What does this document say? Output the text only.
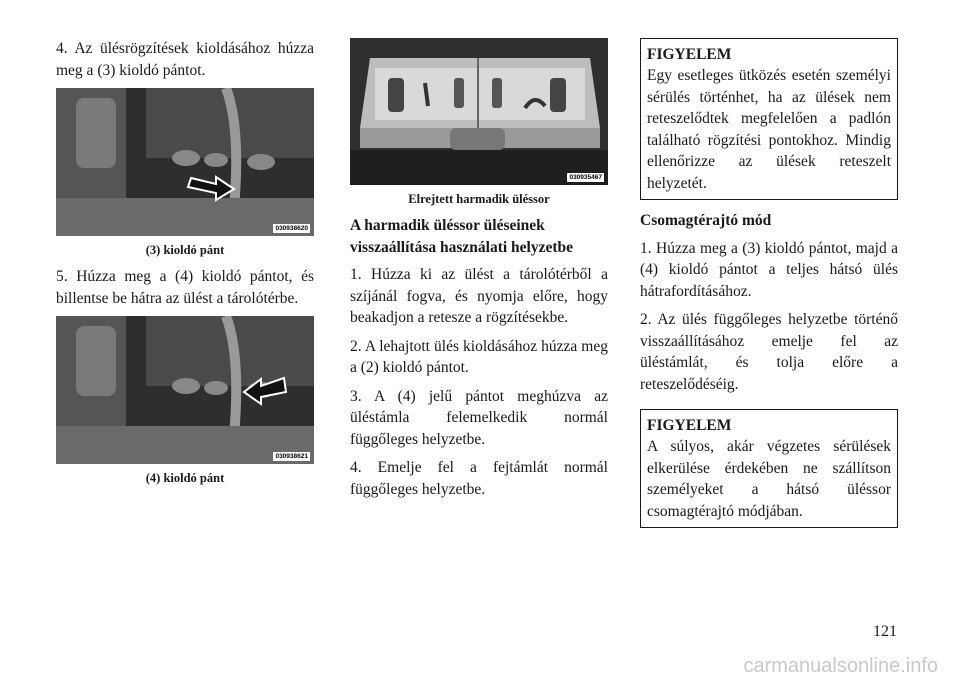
4. Az ülésrögzítések kioldásához húzza meg a (3) kioldó pántot.

030938620
(3) kioldó pánt

5. Húzza meg a (4) kioldó pántot, és billentse be hátra az ülést a tárolótérbe.

030938621
(4) kioldó pánt
030935467
Elrejtett harmadik üléssor
A harmadik üléssor üléseinek visszaállítása használati helyzetbe

1. Húzza ki az ülést a tárolótérből a szíjánál fogva, és nyomja előre, hogy beakadjon a retesze a rögzítésekbe.

2. A lehajtott ülés kioldásához húzza meg a (2) kioldó pántot.

3. A (4) jelű pántot meghúzva az üléstámla felemelkedik normál függőleges helyzetbe.

4. Emelje fel a fejtámlát normál függőleges helyzetbe.

FIGYELEM

Egy esetleges ütközés esetén személyi sérülés történhet, ha az ülések nem reteszelődtek megfelelően a padlón található rögzítési pontokhoz. Mindig ellenőrizze az ülések reteszelt helyzetét.

Csomagtérajtó mód

1. Húzza meg a (3) kioldó pántot, majd a (4) kioldó pántot a teljes hátsó ülés hátrafordításához.

2. Az ülés függőleges helyzetbe történő visszaállításához emelje fel az üléstámlát, és tolja előre a reteszelődéséig.

FIGYELEM

A súlyos, akár végzetes sérülések elkerülése érdekében ne szállítson személyeket a hátsó üléssor csomagtérajtó módjában.

121
carmanualsonline.info
